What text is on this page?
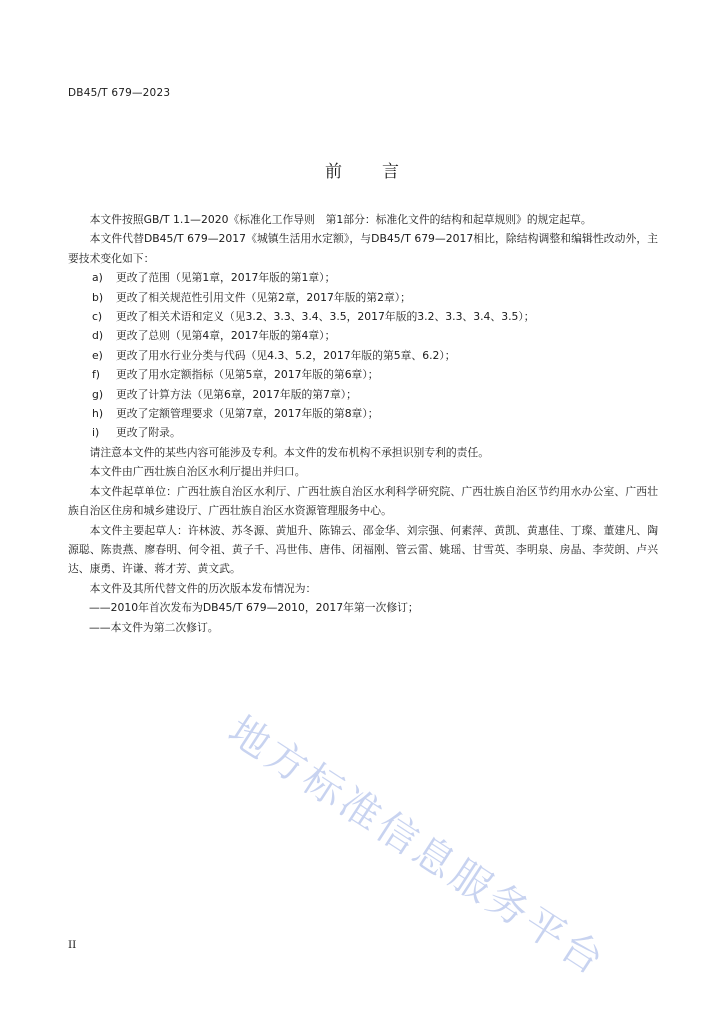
DB45/T 679—2023
前言

本文件按照GB/T 1.1—2020《标准化工作导则　第1部分：标准化文件的结构和起草规则》的规定起草。

本文件代替DB45/T 679—2017《城镇生活用水定额》，与DB45/T 679—2017相比，除结构调整和编辑性改动外，主要技术变化如下：

a)	更改了范围（见第1章，2017年版的第1章）；
b)	更改了相关规范性引用文件（见第2章，2017年版的第2章）；
c)	更改了相关术语和定义（见3.2、3.3、3.4、3.5，2017年版的3.2、3.3、3.4、3.5）；
d)	更改了总则（见第4章，2017年版的第4章）；
e)	更改了用水行业分类与代码（见4.3、5.2，2017年版的第5章、6.2）；
f)	更改了用水定额指标（见第5章，2017年版的第6章）；
g)	更改了计算方法（见第6章，2017年版的第7章）；
h)	更改了定额管理要求（见第7章，2017年版的第8章）；
i)	更改了附录。

请注意本文件的某些内容可能涉及专利。本文件的发布机构不承担识别专利的责任。

本文件由广西壮族自治区水利厅提出并归口。

本文件起草单位：广西壮族自治区水利厅、广西壮族自治区水利科学研究院、广西壮族自治区节约用水办公室、广西壮族自治区住房和城乡建设厅、广西壮族自治区水资源管理服务中心。

本文件主要起草人：许林波、苏冬源、黄旭升、陈锦云、邵金华、刘宗强、何素萍、黄凯、黄惠佳、丁璨、董建凡、陶源聪、陈贵燕、廖春明、何令祖、黄子千、冯世伟、唐伟、闭福刚、管云雷、姚瑶、甘雪英、李明泉、房晶、李荧朗、卢兴达、康勇、许谦、蒋才芳、黄文武。

本文件及其所代替文件的历次版本发布情况为：

——2010年首次发布为DB45/T 679—2010，2017年第一次修订；

——本文件为第二次修订。

地方标准信息服务平台
II
